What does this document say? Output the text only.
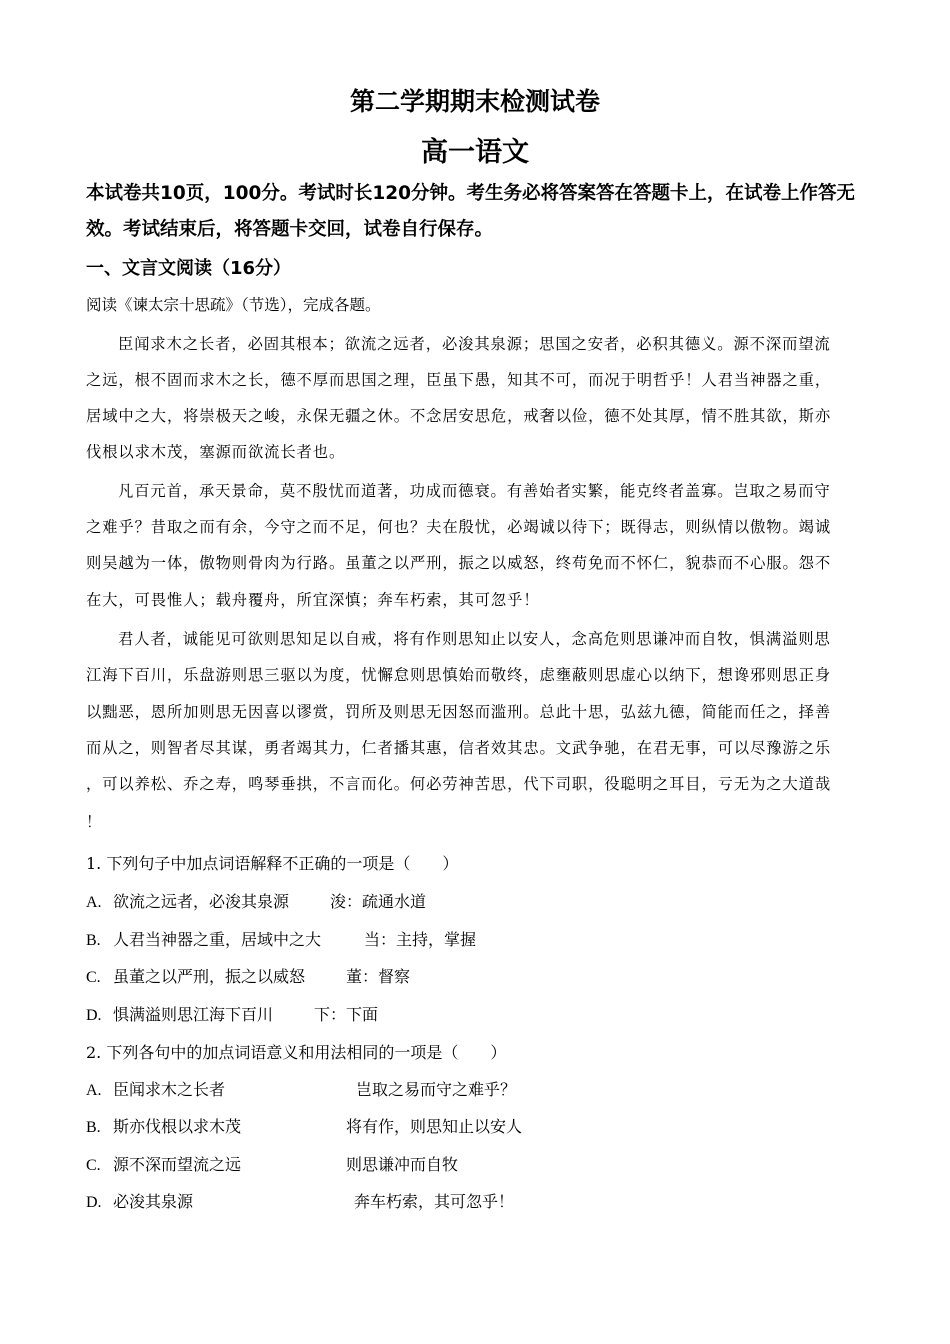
第二学期期末检测试卷
高一语文
本试卷共10页，100分。考试时长120分钟。考生务必将答案答在答题卡上，在试卷上作答无
效。考试结束后，将答题卡交回，试卷自行保存。
一、文言文阅读（16分）
阅读《谏太宗十思疏》（节选），完成各题。
臣闻求木之长者，必固其根本；欲流之远者，必浚其泉源；思国之安者，必积其德义。源不深而望流
之远，根不固而求木之长，德不厚而思国之理，臣虽下愚，知其不可，而况于明哲乎！人君当神器之重，
居域中之大，将崇极天之峻，永保无疆之休。不念居安思危，戒奢以俭，德不处其厚，情不胜其欲，斯亦
伐根以求木茂，塞源而欲流长者也。
凡百元首，承天景命，莫不殷忧而道著，功成而德衰。有善始者实繁，能克终者盖寡。岂取之易而守
之难乎？昔取之而有余，今守之而不足，何也？夫在殷忧，必竭诚以待下；既得志，则纵情以傲物。竭诚
则吴越为一体，傲物则骨肉为行路。虽董之以严刑，振之以威怒，终苟免而不怀仁，貌恭而不心服。怨不
在大，可畏惟人；载舟覆舟，所宜深慎；奔车朽索，其可忽乎！
君人者，诚能见可欲则思知足以自戒，将有作则思知止以安人，念高危则思谦冲而自牧，惧满溢则思
江海下百川，乐盘游则思三驱以为度，忧懈怠则思慎始而敬终，虑壅蔽则思虚心以纳下，想谗邪则思正身
以黜恶，恩所加则思无因喜以谬赏，罚所及则思无因怒而滥刑。总此十思，弘兹九德，简能而任之，择善
而从之，则智者尽其谋，勇者竭其力，仁者播其惠，信者效其忠。文武争驰，在君无事，可以尽豫游之乐
，可以养松、乔之寿，鸣琴垂拱，不言而化。何必劳神苦思，代下司职，役聪明之耳目，亏无为之大道哉
！
1. 下列句子中加点词语解释不正确的一项是（　　）
A. 欲流之远者，必浚其泉源	浚：疏通水道
B. 人君当神器之重，居域中之大	当：主持，掌握
C. 虽董之以严刑，振之以威怒	董：督察
D. 惧满溢则思江海下百川	下：下面
2. 下列各句中的加点词语意义和用法相同的一项是（　　）
A. 臣闻求木之长者	岂取之易而守之难乎？
B. 斯亦伐根以求木茂	将有作，则思知止以安人
C. 源不深而望流之远	则思谦冲而自牧
D. 必浚其泉源	奔车朽索，其可忽乎！
